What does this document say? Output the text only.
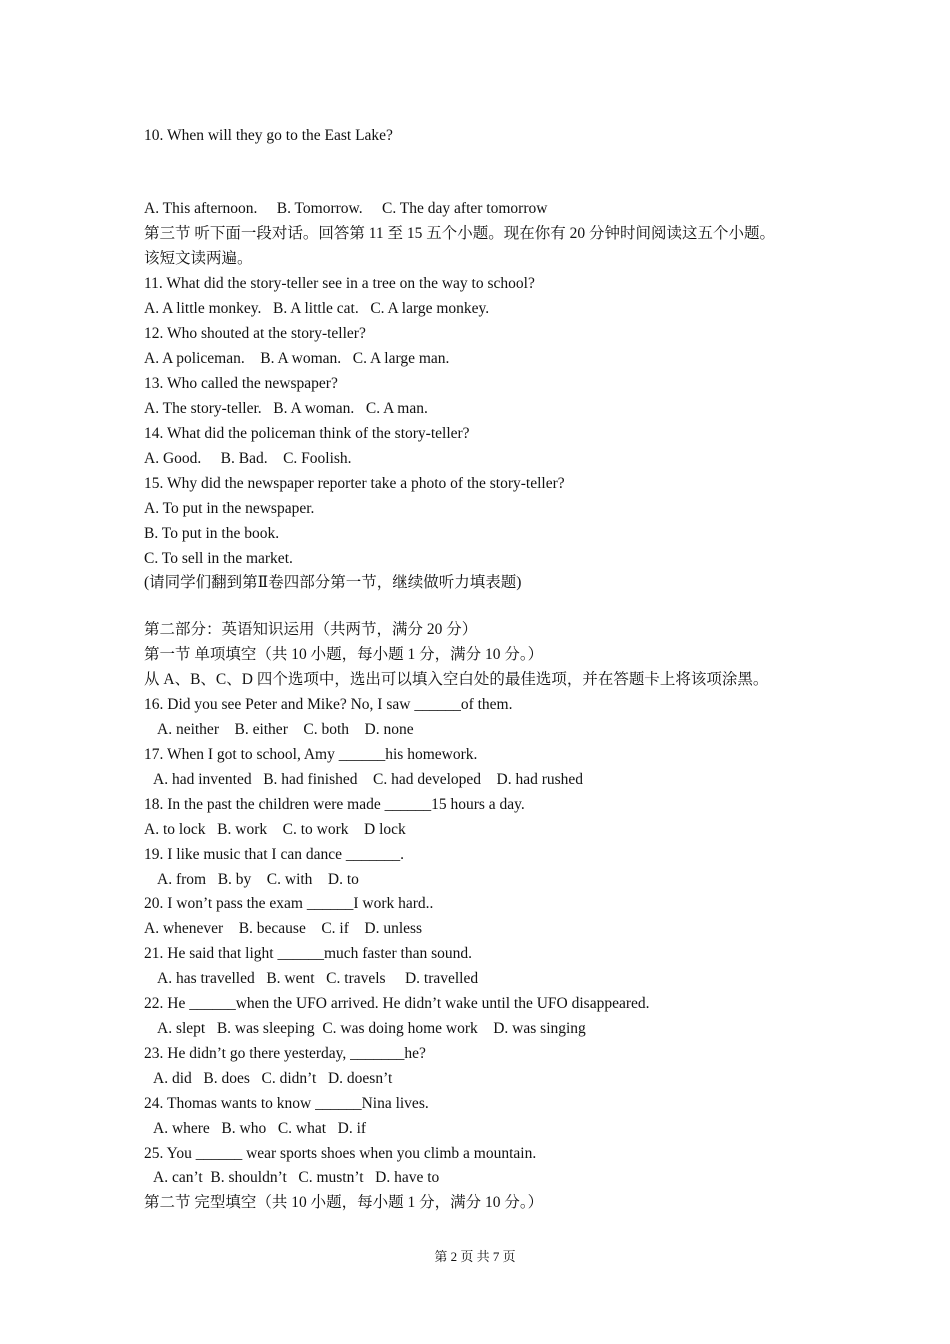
10. When will they go to the East Lake?
A. This afternoon.     B. Tomorrow.     C. The day after tomorrow
第三节 听下面一段对话。回答第 11 至 15 五个小题。现在你有 20 分钟时间阅读这五个小题。
该短文读两遍。
11. What did the story-teller see in a tree on the way to school?
A. A little monkey.   B. A little cat.   C. A large monkey.
12. Who shouted at the story-teller?
A. A policeman.    B. A woman.   C. A large man.
13. Who called the newspaper?
A. The story-teller.   B. A woman.   C. A man.
14. What did the policeman think of the story-teller?
A. Good.     B. Bad.    C. Foolish.
15. Why did the newspaper reporter take a photo of the story-teller?
A. To put in the newspaper.
B. To put in the book.
C. To sell in the market.
(请同学们翻到第Ⅱ卷四部分第一节，继续做听力填表题)
第二部分：英语知识运用（共两节，满分 20 分）
第一节 单项填空（共 10 小题，每小题 1 分，满分 10 分。）
从 A、B、C、D 四个选项中，选出可以填入空白处的最佳选项，并在答题卡上将该项涂黑。
16. Did you see Peter and Mike? No, I saw ______of them.
A. neither    B. either    C. both    D. none
17. When I got to school, Amy ______his homework.
A. had invented   B. had finished    C. had developed    D. had rushed
18. In the past the children were made ______15 hours a day.
A. to lock   B. work    C. to work    D lock
19. I like music that I can dance _______.
A. from   B. by    C. with    D. to
20. I won’t pass the exam ______I work hard..
A. whenever    B. because    C. if    D. unless
21. He said that light ______much faster than sound.
A. has travelled   B. went   C. travels     D. travelled
22. He ______when the UFO arrived. He didn’t wake until the UFO disappeared.
A. slept   B. was sleeping  C. was doing home work    D. was singing
23. He didn’t go there yesterday, _______he?
A. did   B. does   C. didn’t   D. doesn’t
24. Thomas wants to know ______Nina lives.
A. where   B. who   C. what   D. if
25. You ______ wear sports shoes when you climb a mountain.
A. can’t  B. shouldn’t   C. mustn’t   D. have to
第二节 完型填空（共 10 小题，每小题 1 分，满分 10 分。）
第 2 页 共 7 页
